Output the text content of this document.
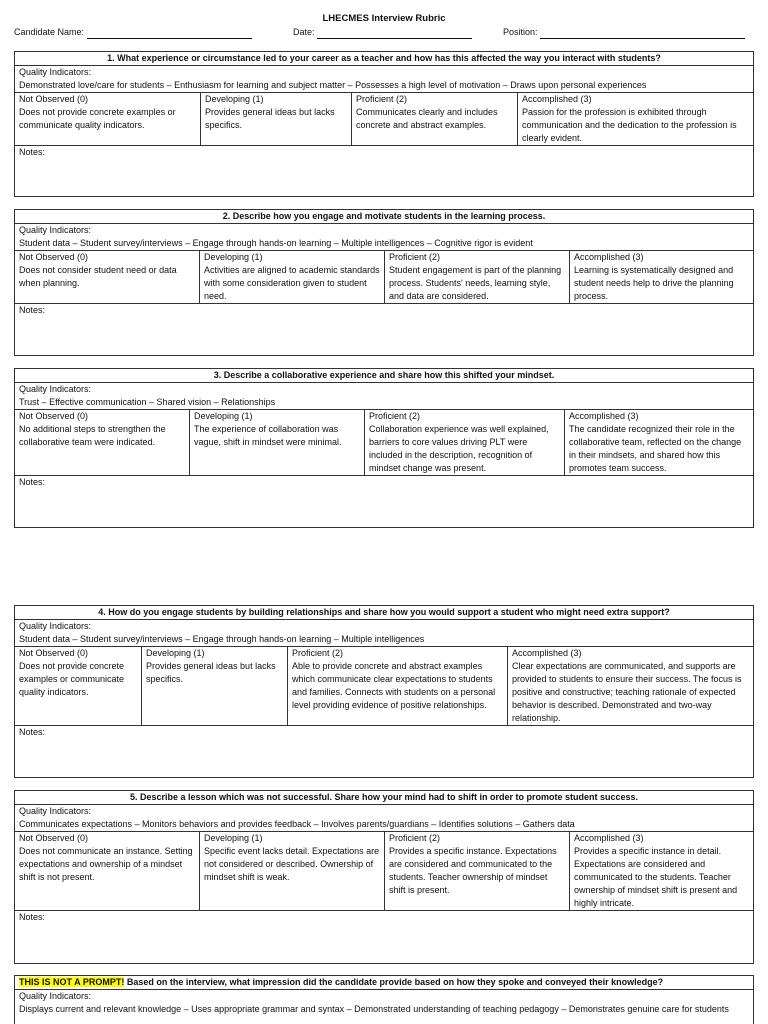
LHECMES Interview Rubric
Candidate Name:	Date:	Position:
1. What experience or circumstance led to your career as a teacher and how has this affected the way you interact with students?
Quality Indicators:
Demonstrated love/care for students – Enthusiasm for learning and subject matter – Possesses a high level of motivation – Draws upon personal experiences
Not Observed (0)
Does not provide concrete examples or communicate quality indicators.
Developing (1)
Provides general ideas but lacks specifics.
Proficient (2)
Communicates clearly and includes concrete and abstract examples.
Accomplished (3)
Passion for the profession is exhibited through communication and the dedication to the profession is clearly evident.
Notes:
2. Describe how you engage and motivate students in the learning process.
Quality Indicators:
Student data – Student survey/interviews – Engage through hands-on learning – Multiple intelligences – Cognitive rigor is evident
Not Observed (0)
Does not consider student need or data when planning.
Developing (1)
Activities are aligned to academic standards with some consideration given to student need.
Proficient (2)
Student engagement is part of the planning process. Students' needs, learning style, and data are considered.
Accomplished (3)
Learning is systematically designed and student needs help to drive the planning process.
Notes:
3. Describe a collaborative experience and share how this shifted your mindset.
Quality Indicators:
Trust – Effective communication – Shared vision – Relationships
Not Observed (0)
No additional steps to strengthen the collaborative team were indicated.
Developing (1)
The experience of collaboration was vague, shift in mindset were minimal.
Proficient (2)
Collaboration experience was well explained, barriers to core values driving PLT were included in the description, recognition of mindset change was present.
Accomplished (3)
The candidate recognized their role in the collaborative team, reflected on the change in their mindsets, and shared how this promotes team success.
Notes:
4. How do you engage students by building relationships and share how you would support a student who might need extra support?
Quality Indicators:
Student data – Student survey/interviews – Engage through hands-on learning – Multiple intelligences
Not Observed (0)
Does not provide concrete examples or communicate quality indicators.
Developing (1)
Provides general ideas but lacks specifics.
Proficient (2)
Able to provide concrete and abstract examples which communicate clear expectations to students and families. Connects with students on a personal level providing evidence of positive relationships.
Accomplished (3)
Clear expectations are communicated, and supports are provided to students to ensure their success. The focus is positive and constructive; teaching rationale of expected behavior is described. Demonstrated and two-way relationship.
Notes:
5. Describe a lesson which was not successful. Share how your mind had to shift in order to promote student success.
Quality Indicators:
Communicates expectations – Monitors behaviors and provides feedback – Involves parents/guardians – Identifies solutions – Gathers data
Not Observed (0)
Does not communicate an instance. Setting expectations and ownership of a mindset shift is not present.
Developing (1)
Specific event lacks detail. Expectations are not considered or described. Ownership of mindset shift is weak.
Proficient (2)
Provides a specific instance. Expectations are considered and communicated to the students. Teacher ownership of mindset shift is present.
Accomplished (3)
Provides a specific instance in detail. Expectations are considered and communicated to the students. Teacher ownership of mindset shift is present and highly intricate.
Notes:
THIS IS NOT A PROMPT! Based on the interview, what impression did the candidate provide based on how they spoke and conveyed their knowledge?
Quality Indicators:
Displays current and relevant knowledge – Uses appropriate grammar and syntax – Demonstrated understanding of teaching pedagogy – Demonstrates genuine care for students
